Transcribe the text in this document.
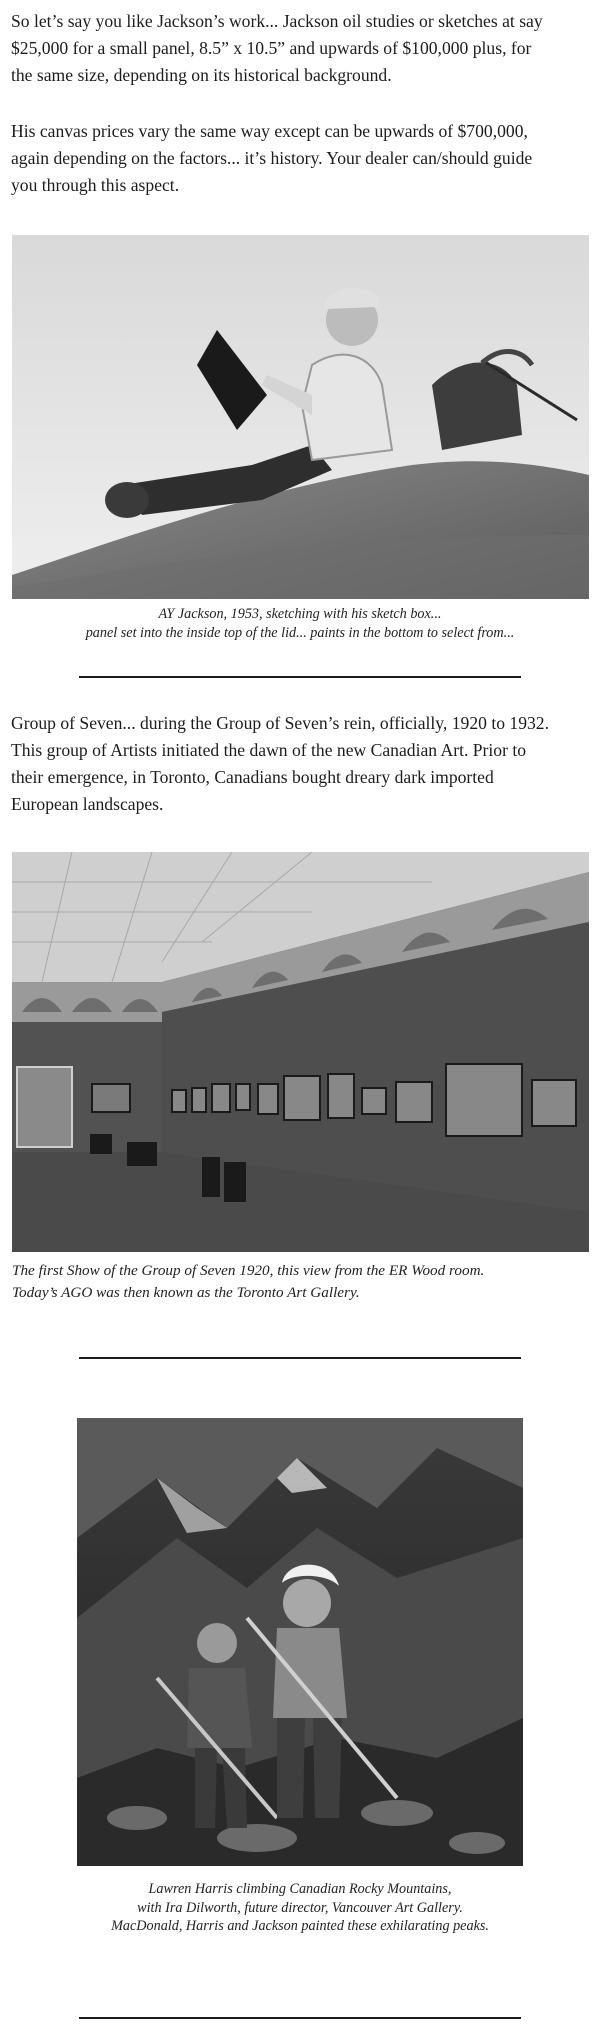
So let’s say you like Jackson’s work... Jackson oil studies or sketches at say
$25,000 for a small panel, 8.5” x 10.5” and upwards of $100,000 plus, for
the same size, depending on its historical background.
His canvas prices vary the same way except can be upwards of $700,000,
again depending on the factors... it’s history. Your dealer can/should guide
you through this aspect.
AY Jackson, 1953, sketching with his sketch box...
panel set into the inside top of the lid... paints in the bottom to select from...
Group of Seven... during the Group of Seven’s rein, officially, 1920 to 1932.
This group of Artists initiated the dawn of the new Canadian Art. Prior to
their emergence, in Toronto, Canadians bought dreary dark imported
European landscapes.
The first Show of the Group of Seven 1920, this view from the ER Wood room.
Today’s AGO was then known as the Toronto Art Gallery.
Lawren Harris climbing Canadian Rocky Mountains,
with Ira Dilworth, future director, Vancouver Art Gallery.
MacDonald, Harris and Jackson painted these exhilarating peaks.
